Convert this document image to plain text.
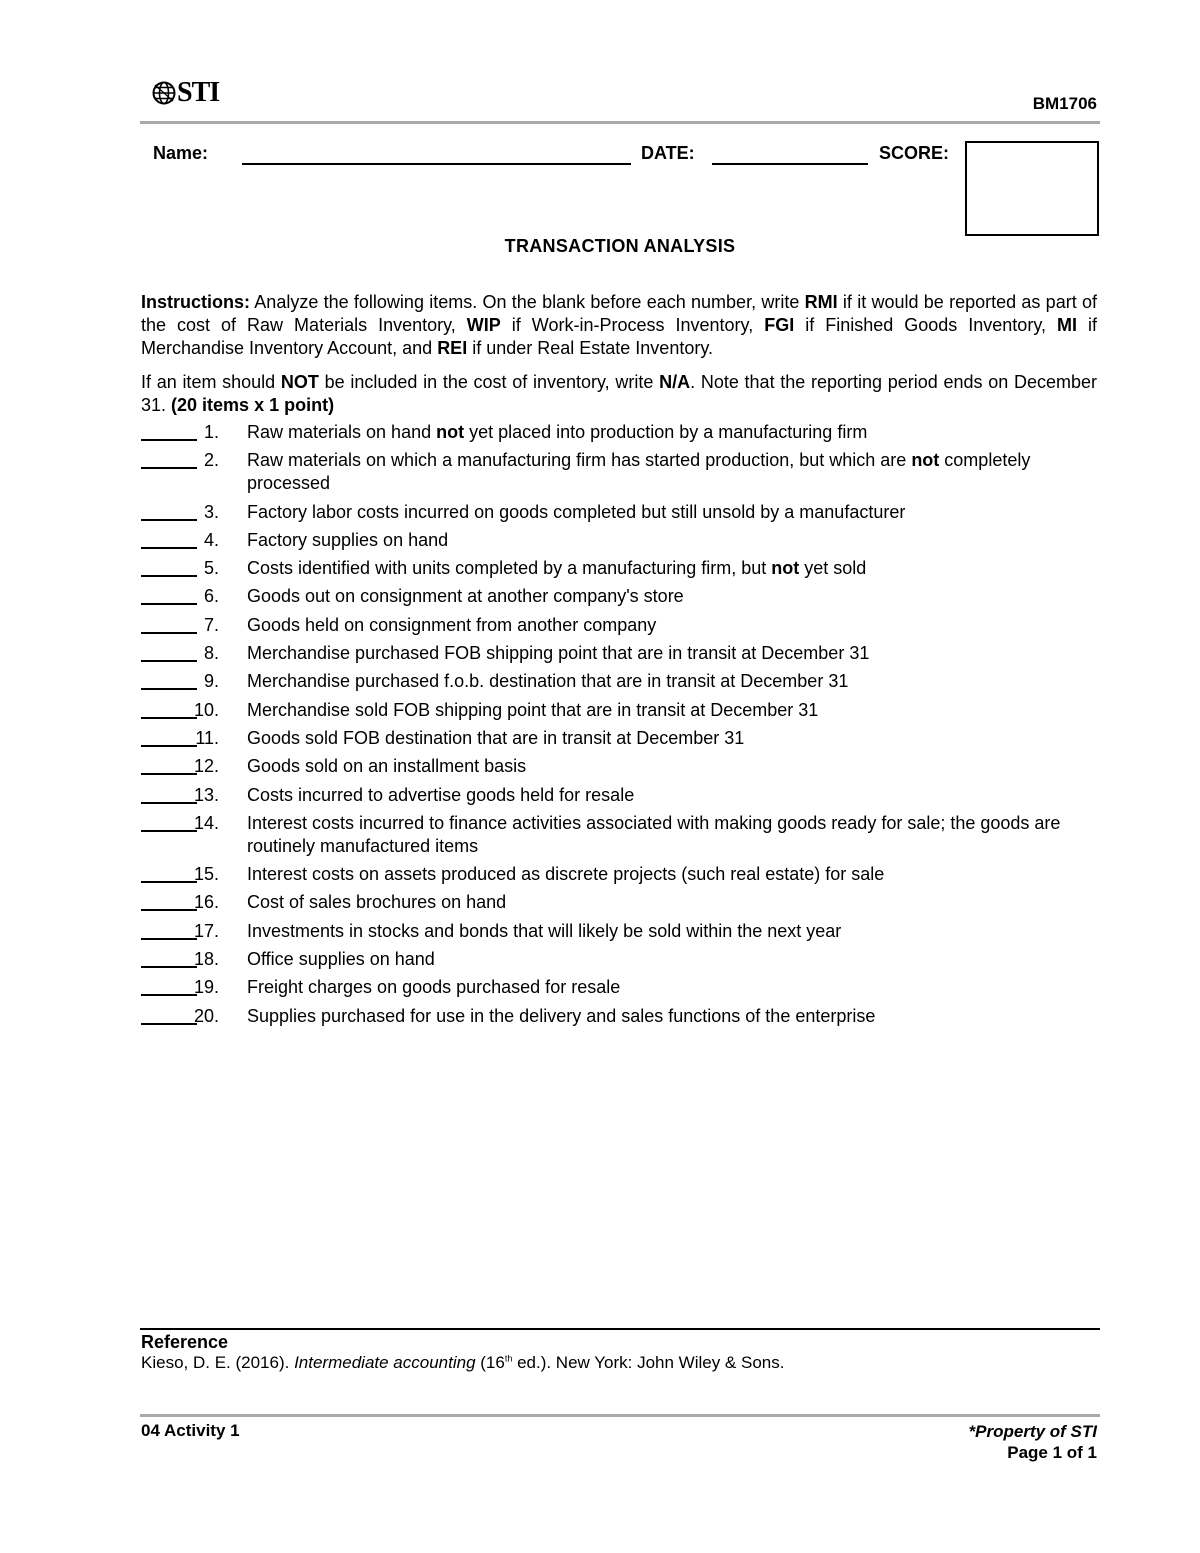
STI	BM1706
Name:	DATE:	SCORE:
TRANSACTION ANALYSIS
Instructions: Analyze the following items. On the blank before each number, write RMI if it would be reported as part of the cost of Raw Materials Inventory, WIP if Work-in-Process Inventory, FGI if Finished Goods Inventory, MI if Merchandise Inventory Account, and REI if under Real Estate Inventory.
If an item should NOT be included in the cost of inventory, write N/A. Note that the reporting period ends on December 31. (20 items x 1 point)
1. Raw materials on hand not yet placed into production by a manufacturing firm
2. Raw materials on which a manufacturing firm has started production, but which are not completely processed
3. Factory labor costs incurred on goods completed but still unsold by a manufacturer
4. Factory supplies on hand
5. Costs identified with units completed by a manufacturing firm, but not yet sold
6. Goods out on consignment at another company's store
7. Goods held on consignment from another company
8. Merchandise purchased FOB shipping point that are in transit at December 31
9. Merchandise purchased f.o.b. destination that are in transit at December 31
10. Merchandise sold FOB shipping point that are in transit at December 31
11. Goods sold FOB destination that are in transit at December 31
12. Goods sold on an installment basis
13. Costs incurred to advertise goods held for resale
14. Interest costs incurred to finance activities associated with making goods ready for sale; the goods are routinely manufactured items
15. Interest costs on assets produced as discrete projects (such real estate) for sale
16. Cost of sales brochures on hand
17. Investments in stocks and bonds that will likely be sold within the next year
18. Office supplies on hand
19. Freight charges on goods purchased for resale
20. Supplies purchased for use in the delivery and sales functions of the enterprise
Reference
Kieso, D. E. (2016). Intermediate accounting (16th ed.). New York: John Wiley & Sons.
04 Activity 1	*Property of STI
Page 1 of 1
